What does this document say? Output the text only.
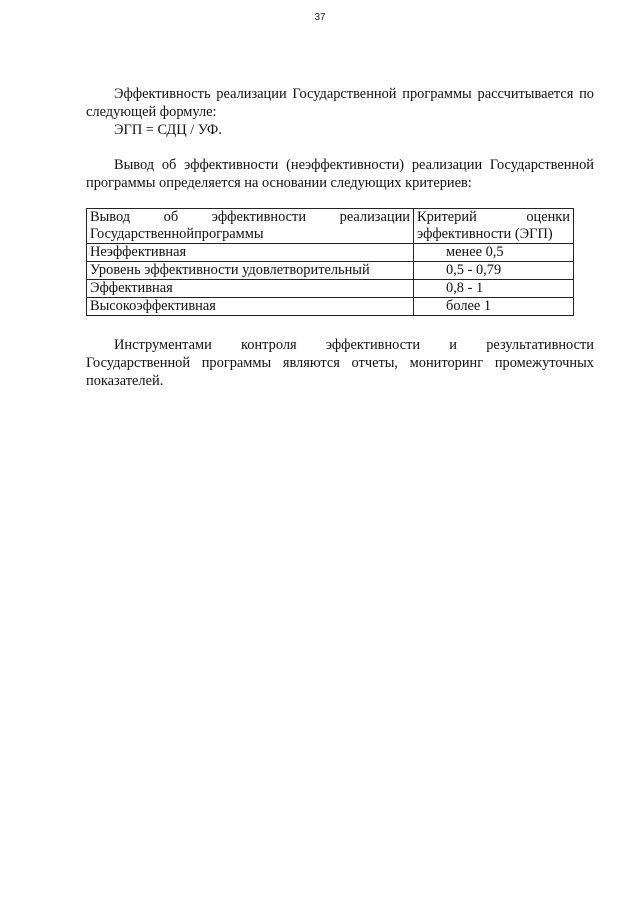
37

Эффективность реализации Государственной программы рассчитывается по следующей формуле:

ЭГП = СДЦ / УФ.

Вывод об эффективности (неэффективности) реализации Государственной программы определяется на основании следующих критериев:

Вывод об эффективности реализации Государственнойпрограммы	Критерий оценки эффективности (ЭГП)
Неэффективная	менее 0,5
Уровень эффективности удовлетворительный	0,5 - 0,79
Эффективная	0,8 - 1
Высокоэффективная	более 1

Инструментами контроля эффективности и результативности Государственной программы являются отчеты, мониторинг промежуточных показателей.
